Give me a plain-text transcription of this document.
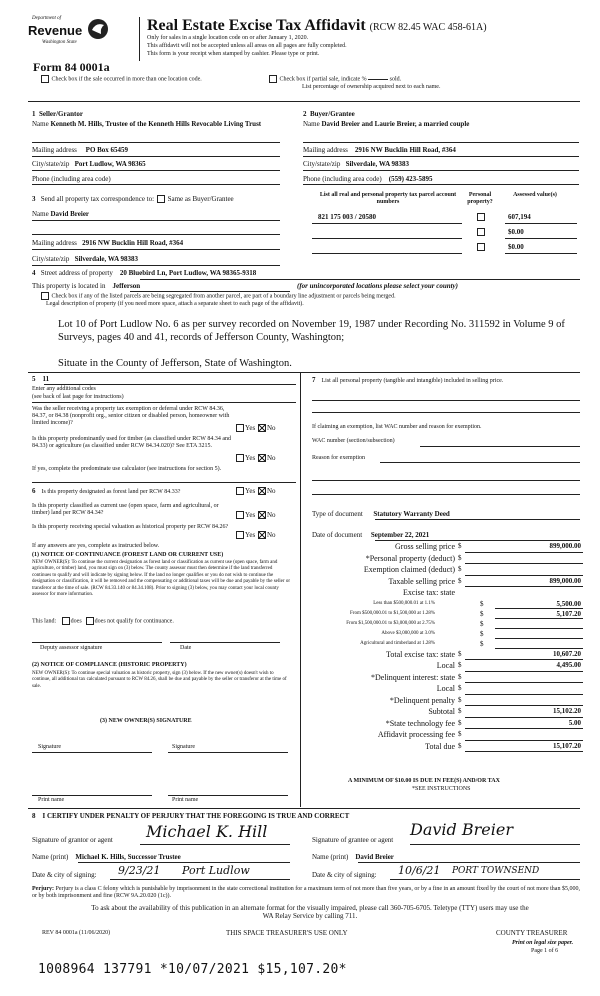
Department of
Revenue
Washington State
Real Estate Excise Tax Affidavit (RCW 82.45 WAC 458-61A)
Only for sales in a single location code on or after January 1, 2020.
This affidavit will not be accepted unless all areas on all pages are fully completed.
This form is your receipt when stamped by cashier. Please type or print.
Form 84 0001a
Check box if the sale occurred in more than one location code.	Check box if partial sale, indicate %	sold.
List percentage of ownership acquired next to each name.
1 Seller/Grantor
Name Kenneth M. Hills, Trustee of the Kenneth Hills Revocable Living Trust
Mailing address PO Box 65459
City/state/zip Port Ludlow, WA 98365
Phone (including area code)
2 Buyer/Grantee
Name David Breier and Laurie Breier, a married couple
Mailing address 2916 NW Bucklin Hill Road, #364
City/state/zip Silverdale, WA 98383
Phone (including area code) (559) 423-5895
3 Send all property tax correspondence to: Same as Buyer/Grantee
Name David Breier
Mailing address 2916 NW Bucklin Hill Road, #364
City/state/zip Silverdale, WA 98383
List all real and personal property tax parcel account numbers
Personal property?
Assessed value(s)
821 175 003 / 20580	607,194
$0.00
$0.00
4 Street address of property 20 Bluebird Ln, Port Ludlow, WA 98365-9318
This property is located in Jefferson	(for unincorporated locations please select your county)
Check box if any of the listed parcels are being segregated from another parcel, are part of a boundary line adjustment or parcels being merged.
Legal description of property (if you need more space, attach a separate sheet to each page of the affidavit).
Lot 10 of Port Ludlow No. 6 as per survey recorded on November 19, 1987 under Recording No. 311592 in Volume 9 of Surveys, pages 40 and 41, records of Jefferson County, Washington;
Situate in the County of Jefferson, State of Washington.
5 11
Enter any additional codes
(see back of last page for instructions)
Was the seller receiving a property tax exemption or deferral under RCW 84.36, 84.37, or 84.38 (nonprofit org., senior citizen or disabled person, homeowner with limited income)?
Yes No
Is this property predominantly used for timber (as classified under RCW 84.34 and 84.33) or agriculture (as classified under RCW 84.34.020)? See ETA 3215.
Yes No
If yes, complete the predominate use calculator (see instructions for section 5).
6 Is this property designated as forest land per RCW 84.33?	Yes No
Is this property classified as current use (open space, farm and agricultural, or timber) land per RCW 84.34?	Yes No
Is this property receiving special valuation as historical property per RCW 84.26?
Yes No
If any answers are yes, complete as instructed below.
(1) NOTICE OF CONTINUANCE (FOREST LAND OR CURRENT USE)
NEW OWNER(S): To continue the current designation as forest land or classification as current use (open space, farm and agriculture, or timber) land, you must sign on (3) below. The county assessor must then determine if the land transferred continues to qualify and will indicate by signing below. If the land no longer qualifies or you do not wish to continue the designation or classification, it will be removed and the compensating or additional taxes will be due and payable by the seller or transferor at the time of sale. (RCW 84.33.140 or 84.34.108). Prior to signing (3) below, you may contact your local county assessor for more information.
This land: does does not qualify for continuance.
Deputy assessor signature	Date
(2) NOTICE OF COMPLIANCE (HISTORIC PROPERTY)
NEW OWNER(S): To continue special valuation as historic property, sign (3) below. If the new owner(s) doesn't wish to continue, all additional tax calculated pursuant to RCW 84.26, shall be due and payable by the seller or transferor at the time of sale.
(3) NEW OWNER(S) SIGNATURE
Signature	Signature
Print name	Print name
7 List all personal property (tangible and intangible) included in selling price.
If claiming an exemption, list WAC number and reason for exemption.
WAC number (section/subsection)
Reason for exemption
Type of document Statutory Warranty Deed
Date of document September 22, 2021
Gross selling price $	899,000.00
*Personal property (deduct) $
Exemption claimed (deduct) $
Taxable selling price $	899,000.00
Excise tax: state
Less than $500,000.01 at 1.1%	$	5,500.00
From $500,000.01 to $1,500,000 at 1.28%	$	5,107.20
From $1,500,000.01 to $3,000,000 at 2.75%	$
Above $3,000,000 at 3.0%	$
Agricultural and timberland at 1.28%	$
Total excise tax: state $	10,607.20
Local $	4,495.00
*Delinquent interest: state $
Local $
*Delinquent penalty $
Subtotal $	15,102.20
*State technology fee $	5.00
Affidavit processing fee $
Total due $	15,107.20
A MINIMUM OF $10.00 IS DUE IN FEE(S) AND/OR TAX
*SEE INSTRUCTIONS
8 I CERTIFY UNDER PENALTY OF PERJURY THAT THE FOREGOING IS TRUE AND CORRECT
Signature of grantor or agent Michael K. Hill	Signature of grantee or agent
David Breier
Name (print) Michael K. Hills, Successor Trustee	Name (print) David Breier
Date & city of signing: 9/23/21 Port Ludlow	Date & city of signing: 10/6/21 PORT TOWNSEND
Perjury: Perjury is a class C felony which is punishable by imprisonment in the state correctional institution for a maximum term of not more than five years, or by a fine in an amount fixed by the court of not more than $5,000, or by both imprisonment and fine (RCW 9A.20.020 (1c)).
To ask about the availability of this publication in an alternate format for the visually impaired, please call 360-705-6705. Teletype (TTY) users may use the WA Relay Service by calling 711.
REV 84 0001a (11/06/2020)	THIS SPACE TREASURER'S USE ONLY	COUNTY TREASURER
Print on legal size paper.
Page 1 of 6
1008964 137791 *10/07/2021 $15,107.20*
